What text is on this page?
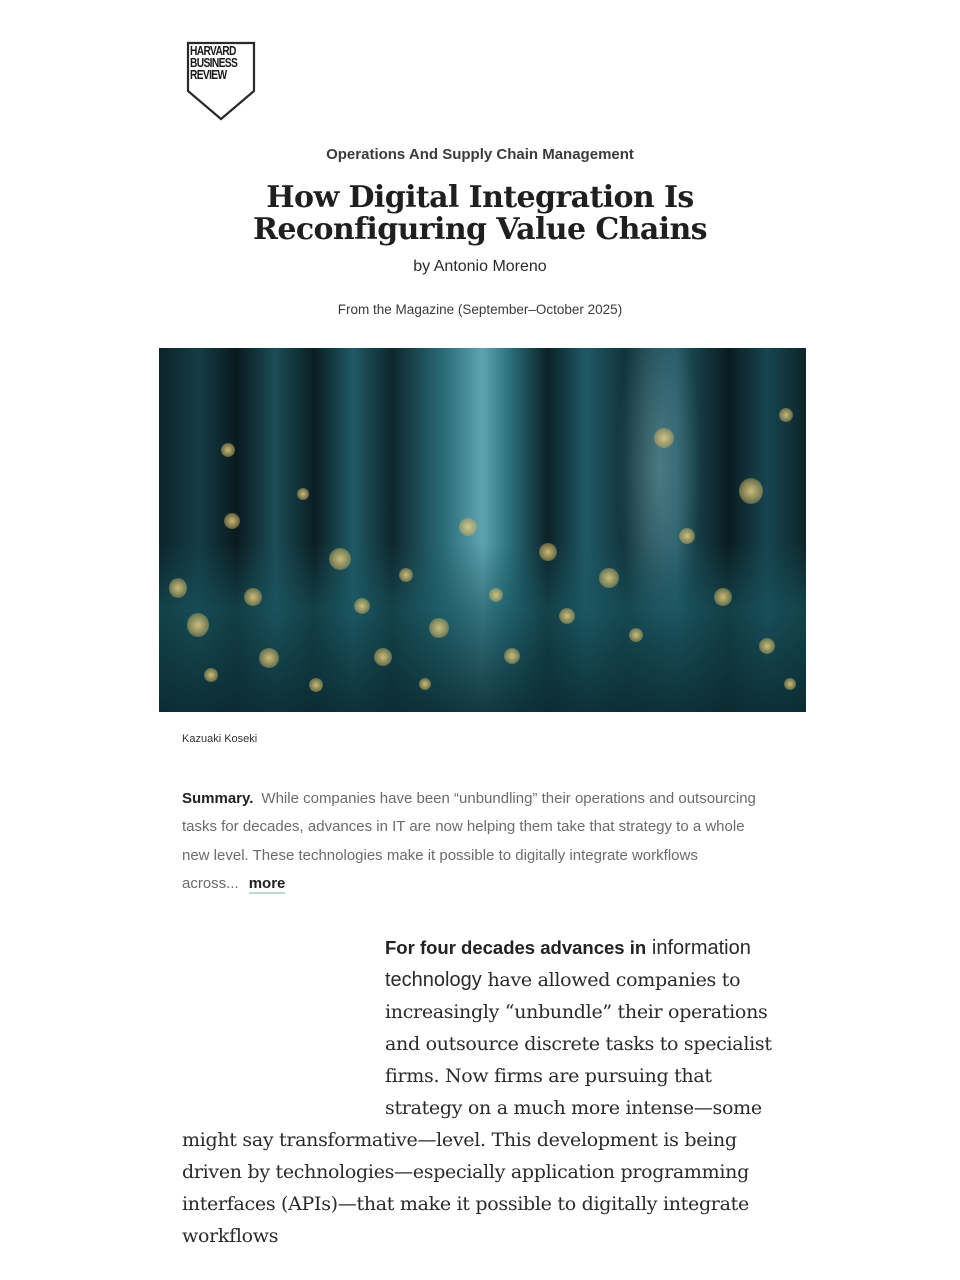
HARVARD
BUSINESS
REVIEW
Operations And Supply Chain Management
How Digital Integration Is
Reconfiguring Value Chains
by Antonio Moreno
From the Magazine (September–October 2025)
Kazuaki Koseki
Summary. While companies have been “unbundling” their operations and outsourcing tasks for decades, advances in IT are now helping them take that strategy to a whole new level. These technologies make it possible to digitally integrate workflows across... more
For four decades advances in information technology have allowed companies to increasingly “unbundle” their operations and outsource discrete tasks to specialist firms. Now firms are pursuing that strategy on a much more intense—some might say transformative—level. This development is being driven by technologies—especially application programming interfaces (APIs)—that make it possible to digitally integrate workflows
